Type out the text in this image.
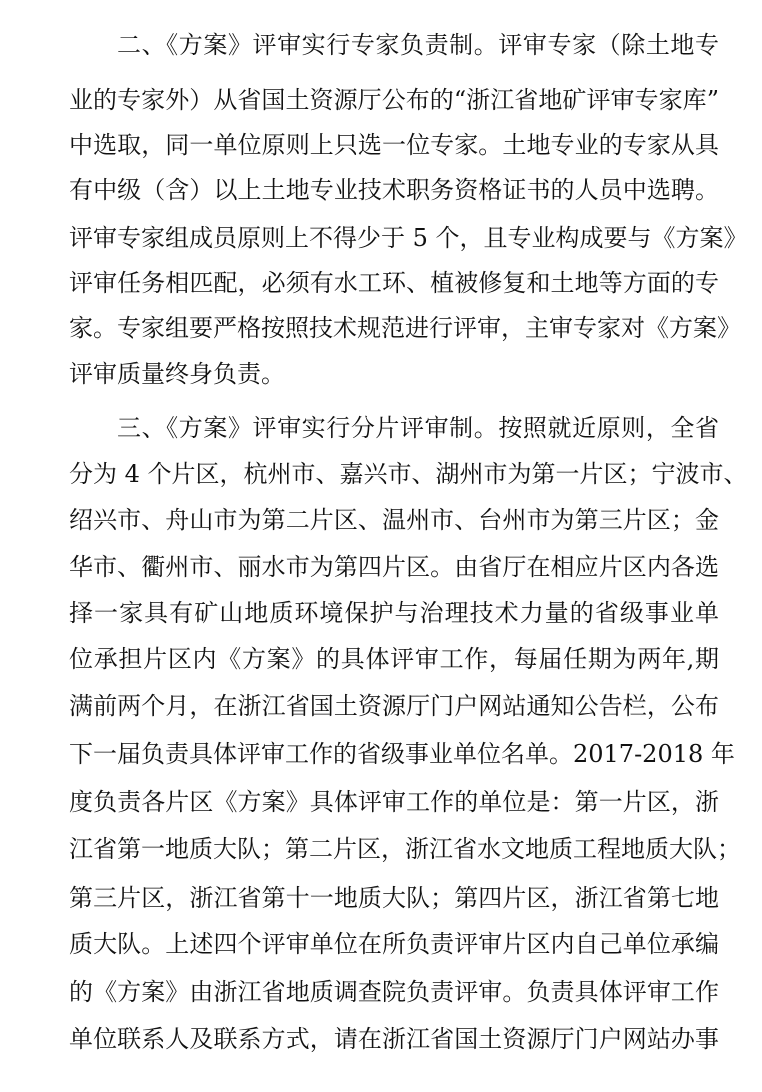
二、《方案》评审实行专家负责制。评审专家（除土地专
业的专家外）从省国土资源厅公布的“浙江省地矿评审专家库”
中选取，同一单位原则上只选一位专家。土地专业的专家从具
有中级（含）以上土地专业技术职务资格证书的人员中选聘。
评审专家组成员原则上不得少于 5 个，且专业构成要与《方案》
评审任务相匹配，必须有水工环、植被修复和土地等方面的专
家。专家组要严格按照技术规范进行评审，主审专家对《方案》
评审质量终身负责。
三、《方案》评审实行分片评审制。按照就近原则，全省
分为 4 个片区，杭州市、嘉兴市、湖州市为第一片区；宁波市、
绍兴市、舟山市为第二片区、温州市、台州市为第三片区；金
华市、衢州市、丽水市为第四片区。由省厅在相应片区内各选
择一家具有矿山地质环境保护与治理技术力量的省级事业单
位承担片区内《方案》的具体评审工作，每届任期为两年,期
满前两个月，在浙江省国土资源厅门户网站通知公告栏，公布
下一届负责具体评审工作的省级事业单位名单。2017-2018 年
度负责各片区《方案》具体评审工作的单位是：第一片区，浙
江省第一地质大队；第二片区，浙江省水文地质工程地质大队；
第三片区，浙江省第十一地质大队；第四片区，浙江省第七地
质大队。上述四个评审单位在所负责评审片区内自己单位承编
的《方案》由浙江省地质调查院负责评审。负责具体评审工作
单位联系人及联系方式，请在浙江省国土资源厅门户网站办事
